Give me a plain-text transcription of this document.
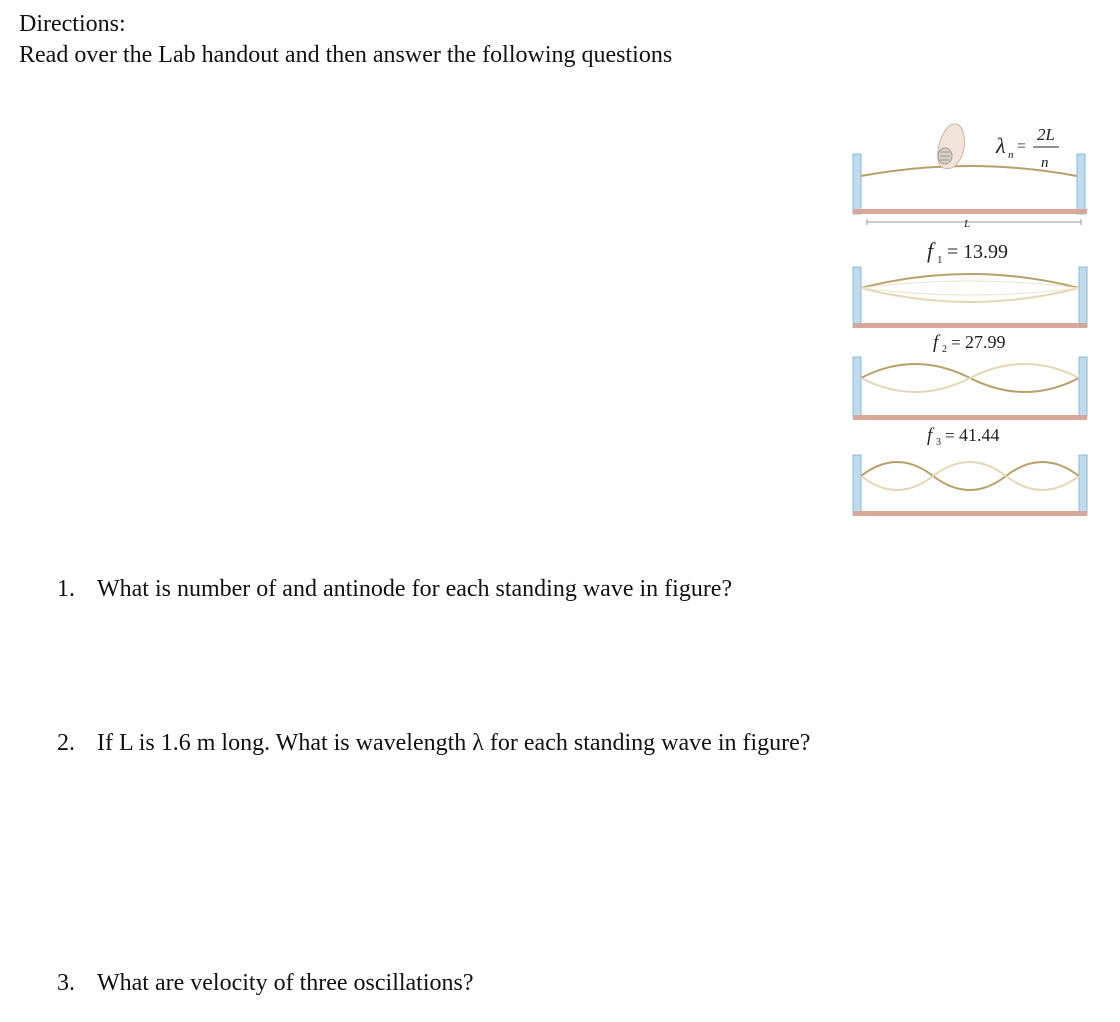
Directions:
Read over the Lab handout and then answer the following questions
λ n =
2L
n
L
f 1 = 13.99
f 2 = 27.99
f 3 = 41.44
1. What is number of and antinode for each standing wave in figure?
2. If L is 1.6 m long. What is wavelength λ for each standing wave in figure?
3. What are velocity of three oscillations?
